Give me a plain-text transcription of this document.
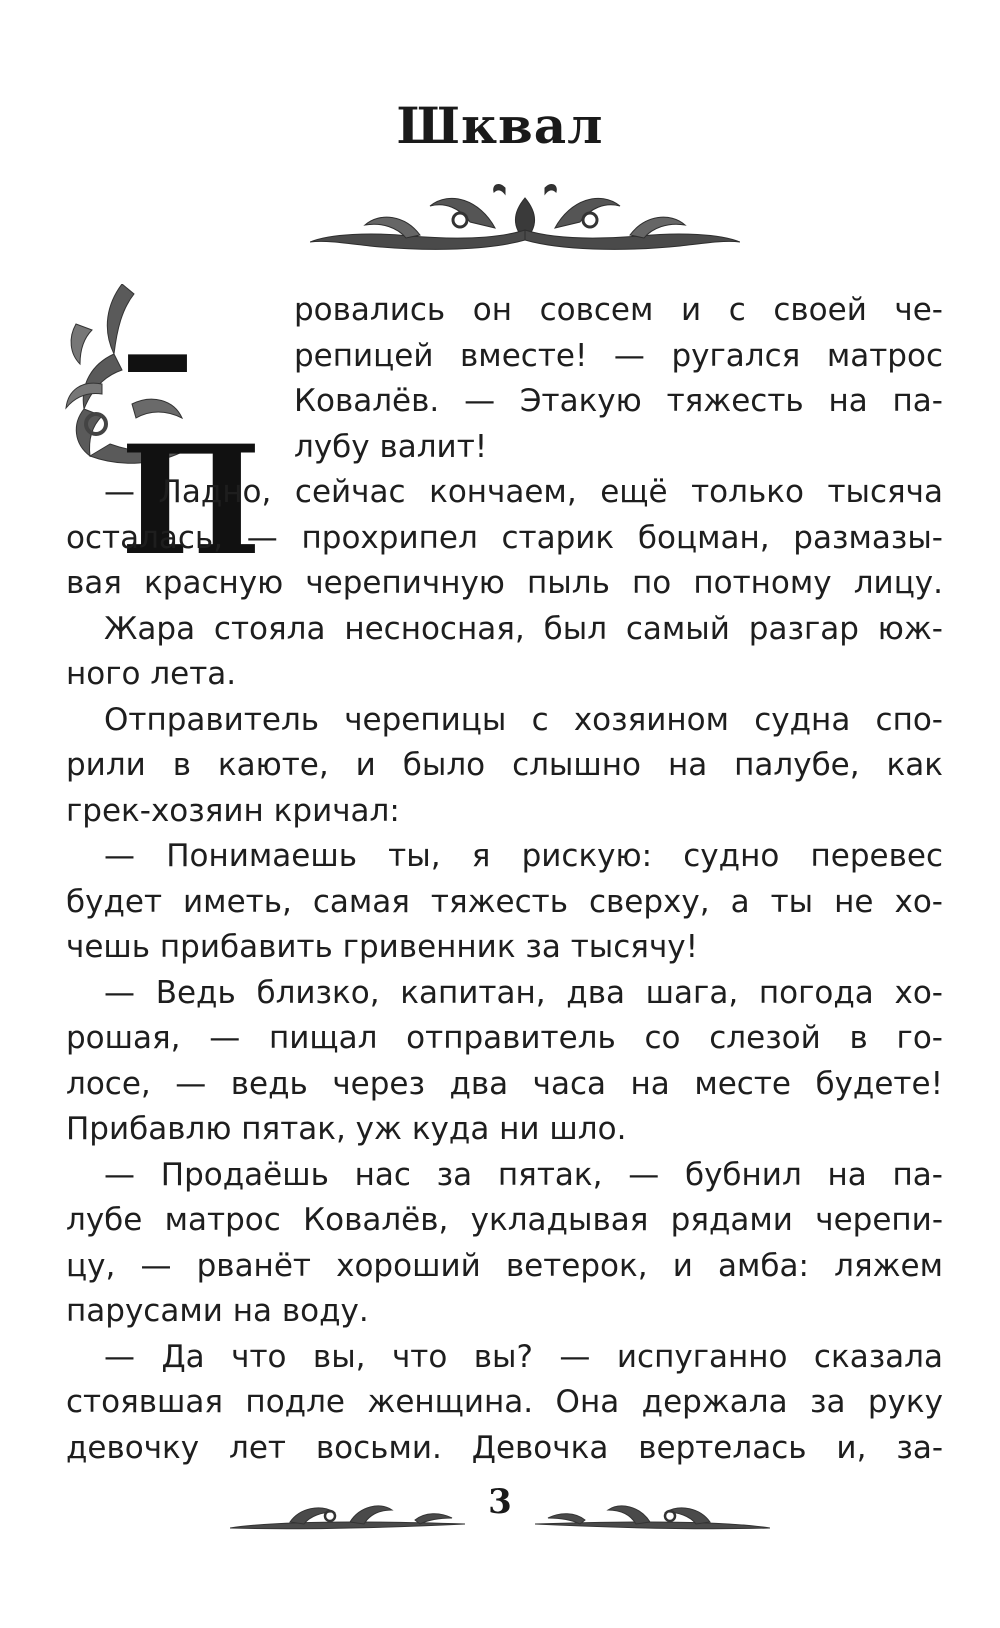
Шквал
–П
ровались он совсем и с своей че-
репицей вместе! — ругался матрос
Ковалёв. — Этакую тяжесть на па-
лубу валит!
— Ладно, сейчас кончаем, ещё только тысяча
осталась, — прохрипел старик боцман, размазы-
вая красную черепичную пыль по потному лицу.
Жара стояла несносная, был самый разгар юж-
ного лета.
Отправитель черепицы с хозяином судна спо-
рили в каюте, и было слышно на палубе, как
грек-хозяин кричал:
— Понимаешь ты, я рискую: судно перевес
будет иметь, самая тяжесть сверху, а ты не хо-
чешь прибавить гривенник за тысячу!
— Ведь близко, капитан, два шага, погода хо-
рошая, — пищал отправитель со слезой в го-
лосе, — ведь через два часа на месте будете!
Прибавлю пятак, уж куда ни шло.
— Продаёшь нас за пятак, — бубнил на па-
лубе матрос Ковалёв, укладывая рядами черепи-
цу, — рванёт хороший ветерок, и амба: ляжем
парусами на воду.
— Да что вы, что вы? — испуганно сказала
стоявшая подле женщина. Она держала за руку
девочку лет восьми. Девочка вертелась и, за-
3
